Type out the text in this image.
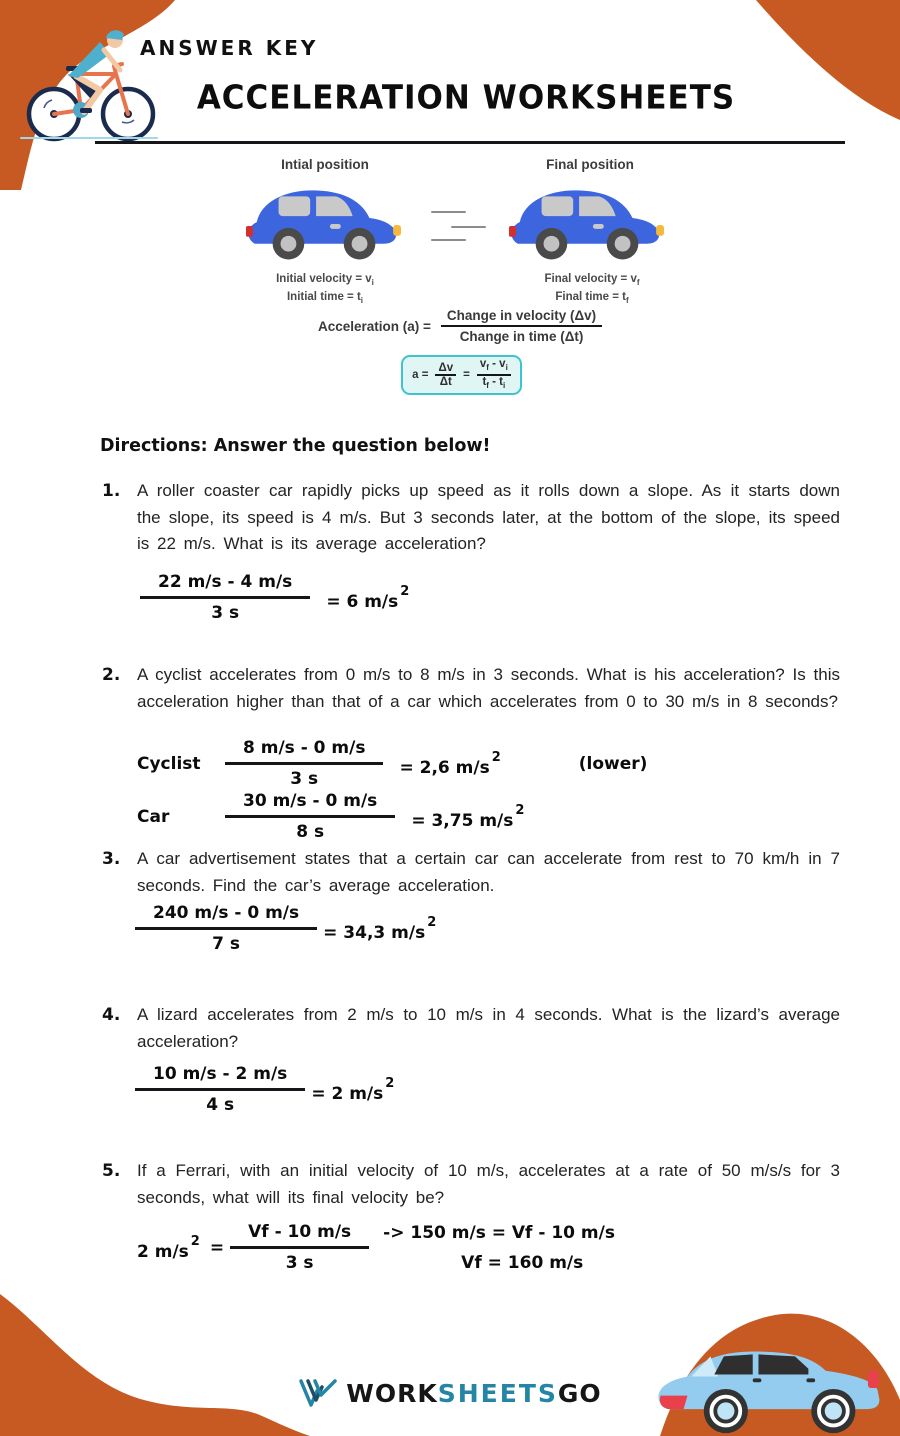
ANSWER KEY
ACCELERATION WORKSHEETS
Intial position	Final position
Initial velocity = $v_i$
Initial time = $t_i$
Final velocity = $v_f$
Final time = $t_f$
Acceleration $(a) = \frac{\text{Change in velocity (Δv)}}{\text{Change in time (Δt)}}$
$a = \frac{\Delta v}{\Delta t} = \frac{v_f - v_i}{t_f - t_i}$
Directions: Answer the question below!
1. A roller coaster car rapidly picks up speed as it rolls down a slope. As it starts down the slope, its speed is 4 m/s. But 3 seconds later, at the bottom of the slope, its speed is 22 m/s. What is its average acceleration?
$\frac{22 m/s - 4 m/s}{3 s} = 6$ $m/s^2$
2. A cyclist accelerates from 0 m/s to 8 m/s in 3 seconds. What is his acceleration? Is this acceleration higher than that of a car which accelerates from 0 to 30 m/s in 8 seconds?
Cyclist	$\frac{8 m/s - 0 m/s}{3 s} = 2,6$ $m/s^2$	(lower)
Car	$\frac{30 m/s - 0 m/s}{8 s} = 3,75$ $m/s^2$
3. A car advertisement states that a certain car can accelerate from rest to 70 km/h in 7 seconds. Find the car’s average acceleration.
$\frac{240 m/s - 0 m/s}{7 s} = 34,3$ $m/s^2$
4. A lizard accelerates from 2 m/s to 10 m/s in 4 seconds. What is the lizard’s average acceleration?
$\frac{10 m/s - 2 m/s}{4 s} = 2$ $m/s^2$
5. If a Ferrari, with an initial velocity of 10 m/s, accelerates at a rate of 50 m/s/s for 3 seconds, what will its final velocity be?
2 $m/s^2 = \frac{Vf - 10 m/s}{3 s} -> 150$ m/s = Vf - 10 m/s
Vf = 160 m/s
WORKSHEETSGO
